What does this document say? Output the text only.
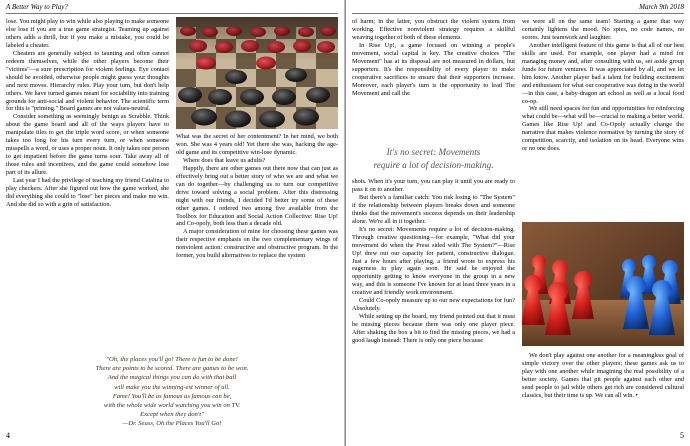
A Better Way to Play?

lose. You might play to win while also playing to make someone else lose if you are a true game strategist. Teaming up against others adds a thrill, but if you make a mistake, you could be labeled a cheater.

Cheaters are generally subject to taunting and often cannot redeem themselves, while the other players become their "victims"—a sure prescription for violent feelings. Eye contact should be avoided, otherwise people might guess your thoughts and next moves. Hierarchy rules. Play your turn, but don't help others. We have turned games meant for sociability into training grounds for anti-social and violent behavior. The scientific term for this is "priming." Board games are not values-neutral.

Consider something as seemingly benign as Scrabble. Think about the game board and all of the ways players have to manipulate tiles to get the triple word score, or when someone takes too long for his turn every turn, or when someone misspells a word, or uses a proper noun. It only takes one person to get impatient before the game turns sour. Take away all of those rules and incentives, and the game could somehow lose part of its allure.

Last year I had the privilege of teaching my friend Catalina to play checkers. After she figured out how the game worked, she did everything she could to "lose" her pieces and make me win. And she did so with a grin of satisfaction.

What was the secret of her contentment? In her mind, we both won. She was 4 years old! Yet there she was, hacking the age-old game and its competitive win-lose dynamic.

Where does that leave us adults?

Happily, there are other games out there now that can just as effectively bring out a better story of who we are and what we can do together—by challenging us to turn our competitive drive toward solving a social problem. After this distressing night with our friends, I decided I'd better try some of these other games. I ordered two among five available from the Toolbox for Education and Social Action Collective: Rise Up! and Co-opoly, both less than a decade old.

A major consideration of mine for choosing these games was their respective emphasis on the two complementary wings of nonviolent action: constructive and obstructive program. In the former, you build alternatives to replace the system

"Oh, the places you'll go! There is fun to be done!
There are points to be scored. There are games to be won.
And the magical things you can do with that ball
will make you the winning-est winner of all.
Fame! You'll be as famous as famous can be,
with the whole wide world watching you win on TV.
Except when they don't"
—Dr. Seuss, Oh the Places You'll Go!
4
March 9th 2018

of harm; in the latter, you obstruct the violent system from working. Effective nonviolent strategy requires a skillful weaving together of both of these elements.

In Rise Up!, a game focused on winning a people's movement, social capital is key. The creative choices "The Movement" has at its disposal are not measured in dollars, but supporters. It's the responsibility of every player to make cooperative sacrifices to ensure that their supporters increase. Moreover, each player's turn is the opportunity to lead The Movement and call the

It's no secret: Movements
require a lot of decision-making.

shots. When it's your turn, you can play it until you are ready to pass it on to another.

But there's a familiar catch: You risk losing to "The System" if the relationship between players breaks down and someone thinks that the movement's success depends on their leadership alone. We're all in it together.

It's no secret: Movements require a lot of decision-making. Through creative questioning—for example, "What did your movement do when the Press sided with The System?"—Rise Up! drew out our capacity for patient, constructive dialogue. Just a few hours after playing, a friend wrote to express his eagerness to play again soon. He said he enjoyed the opportunity getting to know everyone in the group in a new way, and this is someone I've known for at least three years in a creative and friendly work environment.

Could Co-opoly measure up to our new expectations for fun? Absolutely.

While setting up the board, my friend pointed out that it must be missing pieces because there was only one player piece. After shaking the box a bit to find the missing pieces, we had a good laugh instead: There is only one piece because

we were all on the same team! Starting a game that way certainly lightens the mood. No spies, no code names, no scores. Just teamwork and laughter.

Another intelligent feature of this game is that all of our best skills are used. For example, one player had a mind for managing money and, after consulting with us, set aside group funds for future ventures. It was appreciated by all, and we let him know. Another player had a talent for building excitement and enthusiasm for what our cooperative was doing in the world—in this case, a baby-dragon art school as well as a local food co-op.

We still need spaces for fun and opportunities for reinforcing what could be—what will be—crucial to making a better world. Games like Rise Up! and Co-Opoly actually change the narrative that makes violence normative by turning the story of competition, scarcity, and isolation on its head. Everyone wins or no one does.

We don't play against one another for a meaningless goal of simple victory over the other players; these games ask us to play with one another while imagining the real possibility of a better society. Games that pit people against each other and send people to jail while others get rich are considered cultural classics, but their time is up. We can all win. •

5
